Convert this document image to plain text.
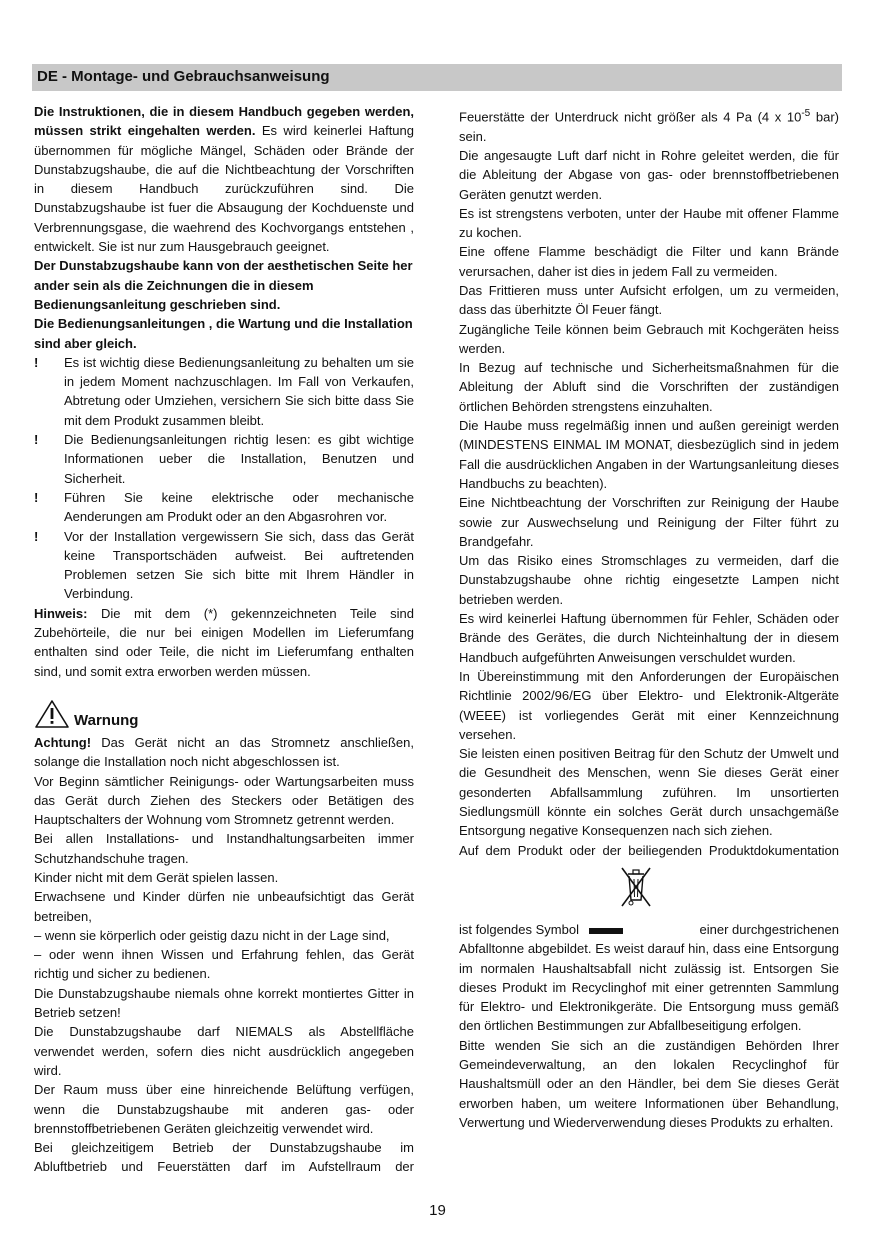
DE - Montage- und Gebrauchsanweisung

Die Instruktionen, die in diesem Handbuch gegeben werden, müssen strikt eingehalten werden. Es wird keinerlei Haftung übernommen für mögliche Mängel, Schäden oder Brände der Dunstabzugshaube, die auf die Nichtbeachtung der Vorschriften in diesem Handbuch zurückzuführen sind. Die Dunstabzugshaube ist fuer die Absaugung der Kochduenste und Verbrennungsgase, die waehrend des Kochvorgangs entstehen , entwickelt. Sie ist nur zum Hausgebrauch geeignet.

Der Dunstabzugshaube kann von der aesthetischen Seite her ander sein als die Zeichnungen die in diesem Bedienungsanleitung geschrieben sind.

Die Bedienungsanleitungen , die Wartung und die Installation sind aber gleich.

! Es ist wichtig diese Bedienungsanleitung zu behalten um sie in jedem Moment nachzuschlagen. Im Fall von Verkaufen, Abtretung oder Umziehen, versichern Sie sich bitte dass Sie mit dem Produkt zusammen bleibt.

! Die Bedienungsanleitungen richtig lesen: es gibt wichtige Informationen ueber die Installation, Benutzen und Sicherheit.

! Führen Sie keine elektrische oder mechanische Aenderungen am Produkt oder an den Abgasrohren vor.

! Vor der Installation vergewissern Sie sich, dass das Gerät keine Transportschäden aufweist. Bei auftretenden Problemen setzen Sie sich bitte mit Ihrem Händler in Verbindung.

Hinweis: Die mit dem (*) gekennzeichneten Teile sind Zubehörteile, die nur bei einigen Modellen im Lieferumfang enthalten sind oder Teile, die nicht im Lieferumfang enthalten sind, und somit extra erworben werden müssen.

Warnung

Achtung! Das Gerät nicht an das Stromnetz anschließen, solange die Installation noch nicht abgeschlossen ist.

Vor Beginn sämtlicher Reinigungs- oder Wartungsarbeiten muss das Gerät durch Ziehen des Steckers oder Betätigen des Hauptschalters der Wohnung vom Stromnetz getrennt werden.

Bei allen Installations- und Instandhaltungsarbeiten immer Schutzhandschuhe tragen.

Kinder nicht mit dem Gerät spielen lassen.

Erwachsene und Kinder dürfen nie unbeaufsichtigt das Gerät betreiben,

– wenn sie körperlich oder geistig dazu nicht in der Lage sind,

– oder wenn ihnen Wissen und Erfahrung fehlen, das Gerät richtig und sicher zu bedienen.

Die Dunstabzugshaube niemals ohne korrekt montiertes Gitter in Betrieb setzen!

Die Dunstabzugshaube darf NIEMALS als Abstellfläche verwendet werden, sofern dies nicht ausdrücklich angegeben wird.

Der Raum muss über eine hinreichende Belüftung verfügen, wenn die Dunstabzugshaube mit anderen gas- oder brennstoffbetriebenen Geräten gleichzeitig verwendet wird.

Bei gleichzeitigem Betrieb der Dunstabzugshaube im Abluftbetrieb und Feuerstätten darf im Aufstellraum der

Feuerstätte der Unterdruck nicht größer als 4 Pa (4 x $10^{-5}$ bar) sein.

Die angesaugte Luft darf nicht in Rohre geleitet werden, die für die Ableitung der Abgase von gas- oder brennstoffbetriebenen Geräten genutzt werden.

Es ist strengstens verboten, unter der Haube mit offener Flamme zu kochen.

Eine offene Flamme beschädigt die Filter und kann Brände verursachen, daher ist dies in jedem Fall zu vermeiden.

Das Frittieren muss unter Aufsicht erfolgen, um zu vermeiden, dass das überhitzte Öl Feuer fängt.

Zugängliche Teile können beim Gebrauch mit Kochgeräten heiss werden.

In Bezug auf technische und Sicherheitsmaßnahmen für die Ableitung der Abluft sind die Vorschriften der zuständigen örtlichen Behörden strengstens einzuhalten.

Die Haube muss regelmäßig innen und außen gereinigt werden (MINDESTENS EINMAL IM MONAT, diesbezüglich sind in jedem Fall die ausdrücklichen Angaben in der Wartungsanleitung dieses Handbuchs zu beachten).

Eine Nichtbeachtung der Vorschriften zur Reinigung der Haube sowie zur Auswechselung und Reinigung der Filter führt zu Brandgefahr.

Um das Risiko eines Stromschlages zu vermeiden, darf die Dunstabzugshaube ohne richtig eingesetzte Lampen nicht betrieben werden.

Es wird keinerlei Haftung übernommen für Fehler, Schäden oder Brände des Gerätes, die durch Nichteinhaltung der in diesem Handbuch aufgeführten Anweisungen verschuldet wurden.

In Übereinstimmung mit den Anforderungen der Europäischen Richtlinie 2002/96/EG über Elektro- und Elektronik-Altgeräte (WEEE) ist vorliegendes Gerät mit einer Kennzeichnung versehen.

Sie leisten einen positiven Beitrag für den Schutz der Umwelt und die Gesundheit des Menschen, wenn Sie dieses Gerät einer gesonderten Abfallsammlung zuführen. Im unsortierten Siedlungsmüll könnte ein solches Gerät durch unsachgemäße Entsorgung negative Konsequenzen nach sich ziehen.

Auf dem Produkt oder der beiliegenden Produktdokumentation

ist folgendes Symbol	einer durchgestrichenen

Abfalltonne abgebildet. Es weist darauf hin, dass eine Entsorgung im normalen Haushaltsabfall nicht zulässig ist. Entsorgen Sie dieses Produkt im Recyclinghof mit einer getrennten Sammlung für Elektro- und Elektronikgeräte. Die Entsorgung muss gemäß den örtlichen Bestimmungen zur Abfallbeseitigung erfolgen.

Bitte wenden Sie sich an die zuständigen Behörden Ihrer Gemeindeverwaltung, an den lokalen Recyclinghof für Haushaltsmüll oder an den Händler, bei dem Sie dieses Gerät erworben haben, um weitere Informationen über Behandlung, Verwertung und Wiederverwendung dieses Produkts zu erhalten.

19
